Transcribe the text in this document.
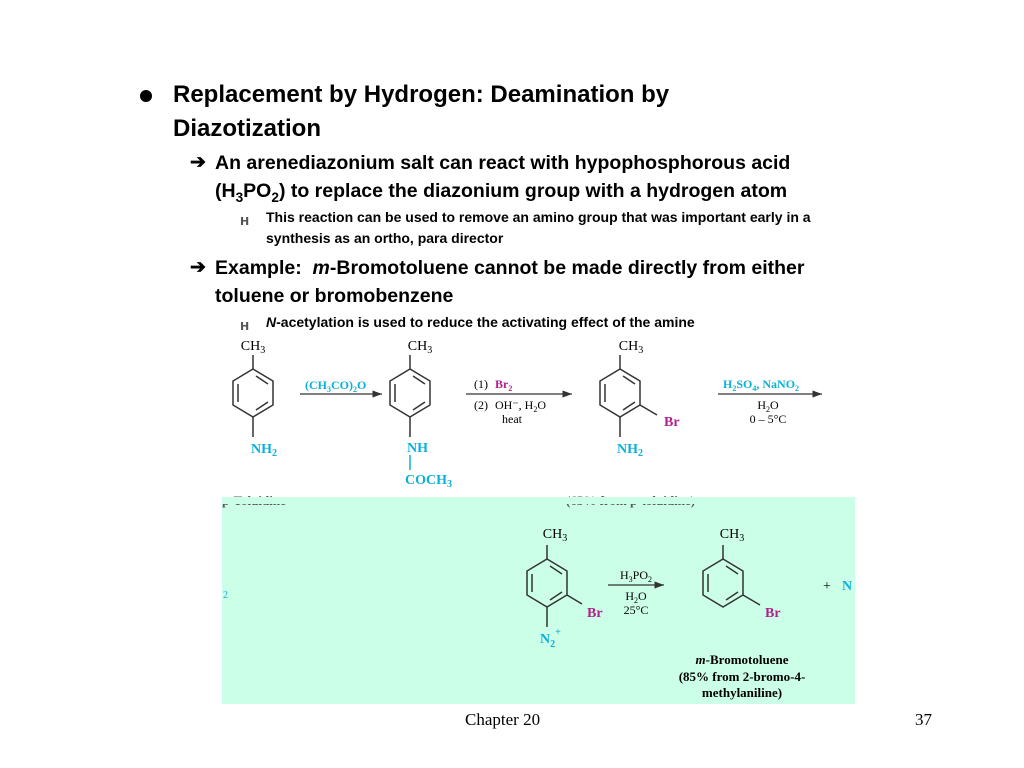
Replacement by Hydrogen: Deamination by
Diazotization
➔ An arenediazonium salt can react with hypophosphorous acid
$(H_3PO_2)$ to replace the diazonium group with a hydrogen atom
H This reaction can be used to remove an amino group that was important early in a
synthesis as an ortho, para director
➔ Example:  m-Bromotoluene cannot be made directly from either
toluene or bromobenzene
H N-acetylation is used to reduce the activating effect of the amine
$CH_3$
$NH_2$
$(CH_3CO)_2O$
$CH_3$
NH
$COCH_3$
(1) $Br_2$
(2) OH⁻, $H_2O$
heat
$CH_3$
Br
$NH_2$
$H_2SO_4$, NaNO$_2$
$H_2O$
0 – 5°C
2
$CH_3$
Br
$N_2^+$
$H_3PO_2$
$H_2O$
25°C
$CH_3$
Br
+ N
m-Bromotoluene
(85% from 2-bromo-4-
methylaniline)
Chapter 20	37
